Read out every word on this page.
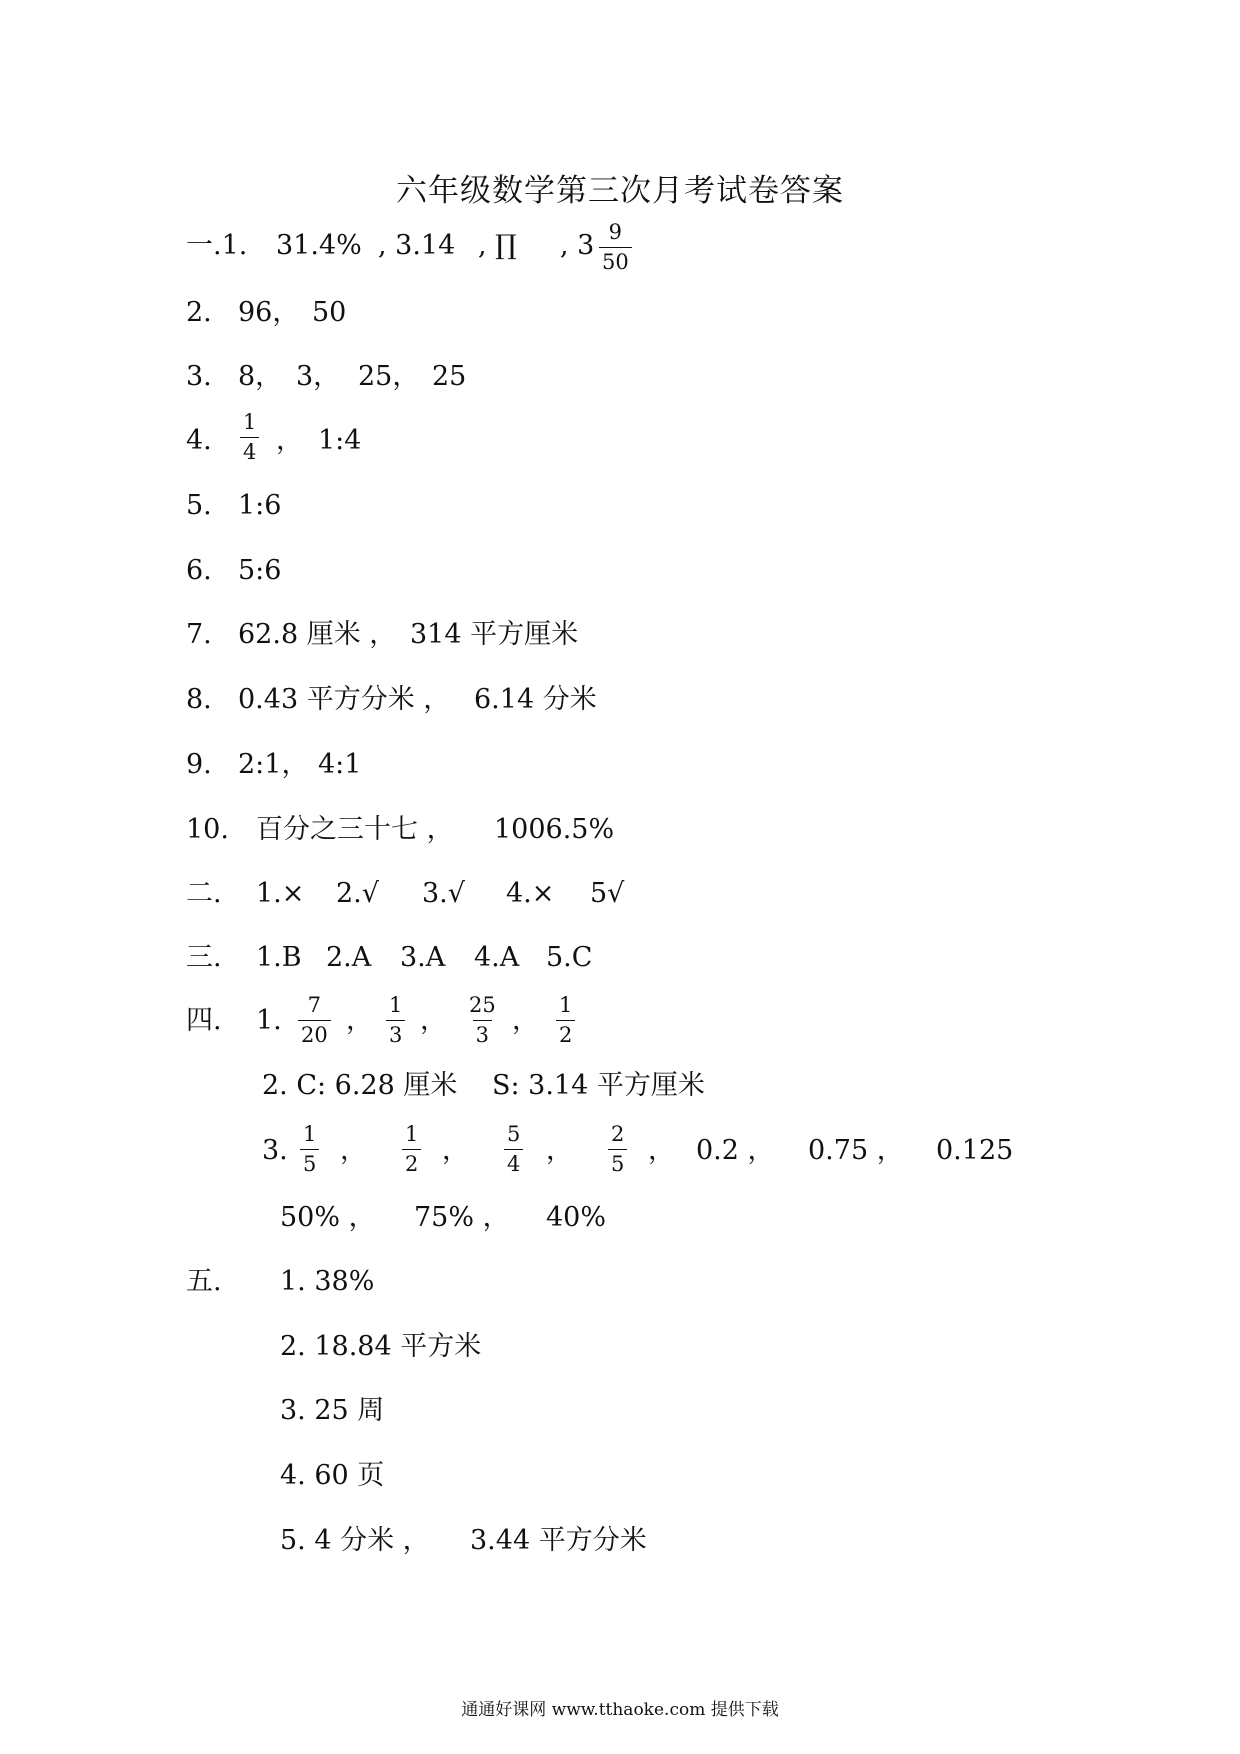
六年级数学第三次月考试卷答案
一.1. 31.4% , 3.14 , ∏ , $3 \frac{9}{50}$
2. 96， 50
3. 8， 3， 25， 25
4. $\frac{1}{4}$ ， 1:4
5. 1:6
6. 5:6
7. 62.8 厘米 ， 314 平方厘米
8. 0.43 平方分米 ， 6.14 分米
9. 2:1， 4:1
10. 百分之三十七 ， 1006.5%
二. 1.× 2.√ 3.√ 4.× 5√
三. 1.B 2.A 3.A 4.A 5.C
四. 1. $\frac{7}{20}$ ， $\frac{1}{3}$ ， $\frac{25}{3}$ ， $\frac{1}{2}$
2. C: 6.28 厘米 S: 3.14 平方厘米
3. $\frac{1}{5}$ ， $\frac{1}{2}$ ， $\frac{5}{4}$ ， $\frac{2}{5}$ ， 0.2 ， 0.75 ， 0.125
50% ， 75% ， 40%
五. 1. 38%
2. 18.84 平方米
3. 25 周
4. 60 页
5. 4 分米 ， 3.44 平方分米
通通好课网 www.tthaoke.com 提供下载
